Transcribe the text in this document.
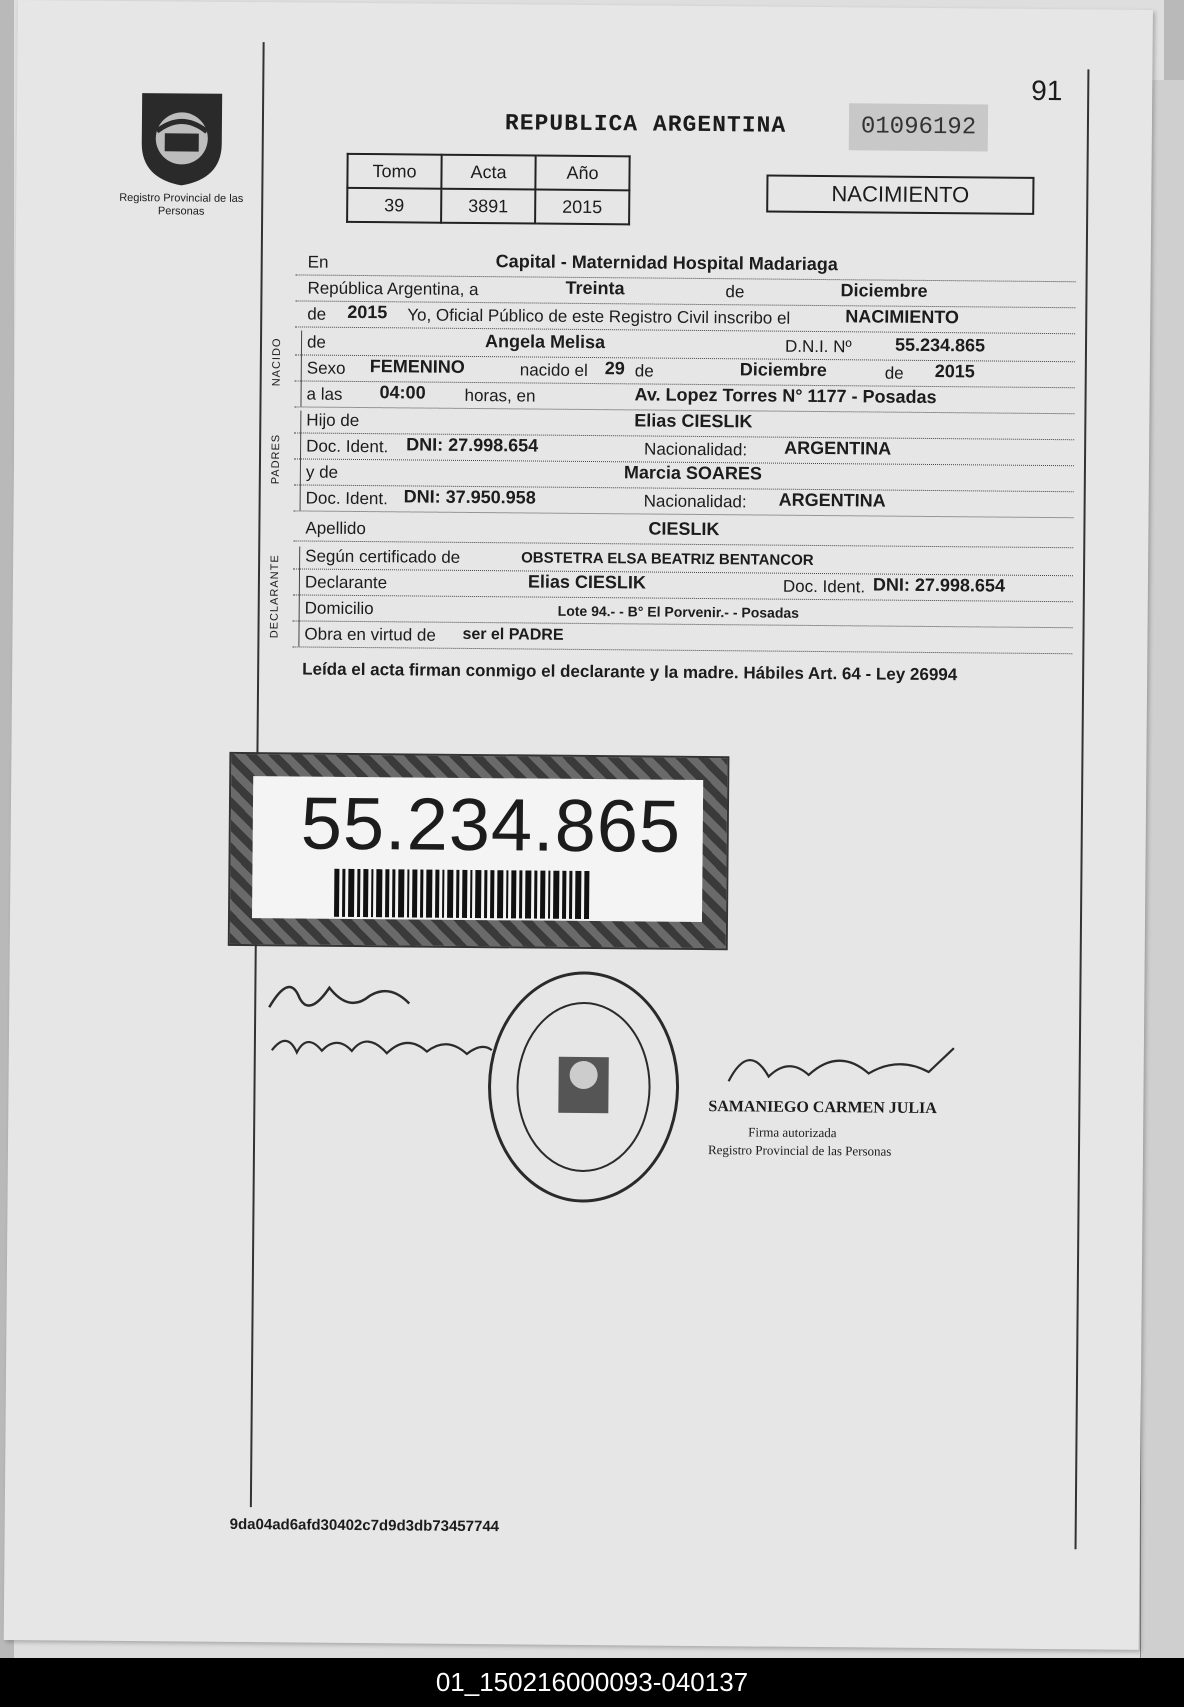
91
Registro Provincial de las Personas
REPUBLICA ARGENTINA	01096192
Tomo	Acta	Año
39	3891	2015	NACIMIENTO
En	Capital - Maternidad Hospital Madariaga
República Argentina, a	Treinta	de	Diciembre
de 2015 Yo, Oficial Público de este Registro Civil inscribo el	NACIMIENTO
NACIDO de	Angela Melisa	D.N.I. Nº 55.234.865
Sexo FEMENINO	nacido el 29 de	Diciembre	de 2015
a las 04:00 horas, en	Av. Lopez Torres N° 1177 - Posadas
PADRES
Hijo de	Elias CIESLIK
Doc. Ident. DNI: 27.998.654	Nacionalidad: ARGENTINA
y de	Marcia SOARES
Doc. Ident. DNI: 37.950.958	Nacionalidad: ARGENTINA
Apellido	CIESLIK
DECLARANTE Según certificado de	OBSTETRA ELSA BEATRIZ BENTANCOR
Declarante	Elias CIESLIK	Doc. Ident. DNI: 27.998.654
Domicilio	Lote 94.- - B° El Porvenir.- - Posadas
Obra en virtud de ser el PADRE
Leída el acta firman conmigo el declarante y la madre. Hábiles Art. 64 - Ley 26994
55.234.865
SAMANIEGO CARMEN JULIA
Firma autorizada
Registro Provincial de las Personas
9da04ad6afd30402c7d9d3db73457744
01_150216000093-040137
